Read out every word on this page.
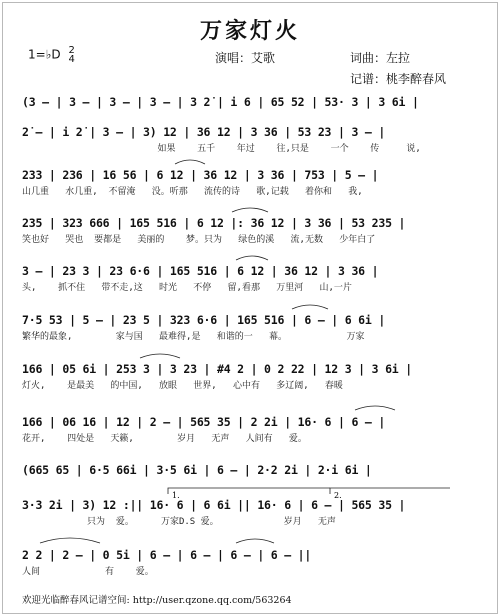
万家灯火
1=♭D 2
4	演唱：艾歌	词曲：左拉
记谱：桃李醉春风
(3 – | 3 – | 3 – | 3 – | 3 2̇ | i 6 | 65 52 | 53· 3 | 3 6i |
2̇ – | i 2̇ | 3 – | 3) 12 | 36 12 | 3 36 | 53 23 | 3 – |
如果    五千    年过    往,只是    一个    传     说,
233 | 236 | 16 56 | 6 12 | 36 12 | 3 36 | 753 | 5 – |
山几重   水几重,  不留淹   没。听那   流传的诗   歌,记载   着你和   我,
235 | 323 666 | 165 516 | 6 12 |: 36 12 | 3 36 | 53 235 |
笑也好   哭也  要都是   美丽的    梦。只为   绿色的溪   流,无数   少年白了
3 – | 23 3 | 23 6·6 | 165 516 | 6 12 | 36 12 | 3 36 |
头,    抓不住   带不走,这   时光   不停   留,看那   万里河   山,一片
7·5 53 | 5 – | 23 5 | 323 6·6 | 165 516 | 6 – | 6 6i |
繁华的最象,        家与国   最难得,是   和谐的一   幕。           万家
166 | 05 6i | 253 3 | 3 23 | #4 2 | 0 2 22 | 12 3 | 3 6i |
灯火,    是最美   的中国,   放眼   世界,   心中有   多辽阔,   春暖
166 | 06 16 | 12 | 2 – | 565 35 | 2 2i | 16· 6 | 6 – |
花开,    四处是   天籁,        岁月   无声   人间有   爱。
(665 65 | 6·5 66i | 3·5 6i | 6 – | 2·2 2i | 2·i 6i |
3·3 2i | 3) 12 :|| 16· 6 | 6 6i || 16· 6 | 6 – | 565 35 |
只为  爱。     万家D.S 爱。            岁月   无声
2 2 | 2 – | 0 5i | 6 – | 6 – | 6 – | 6 – ||
人间            有    爱。
1.	2.
欢迎光临醉春风记谱空间: http://user.qzone.qq.com/563264
